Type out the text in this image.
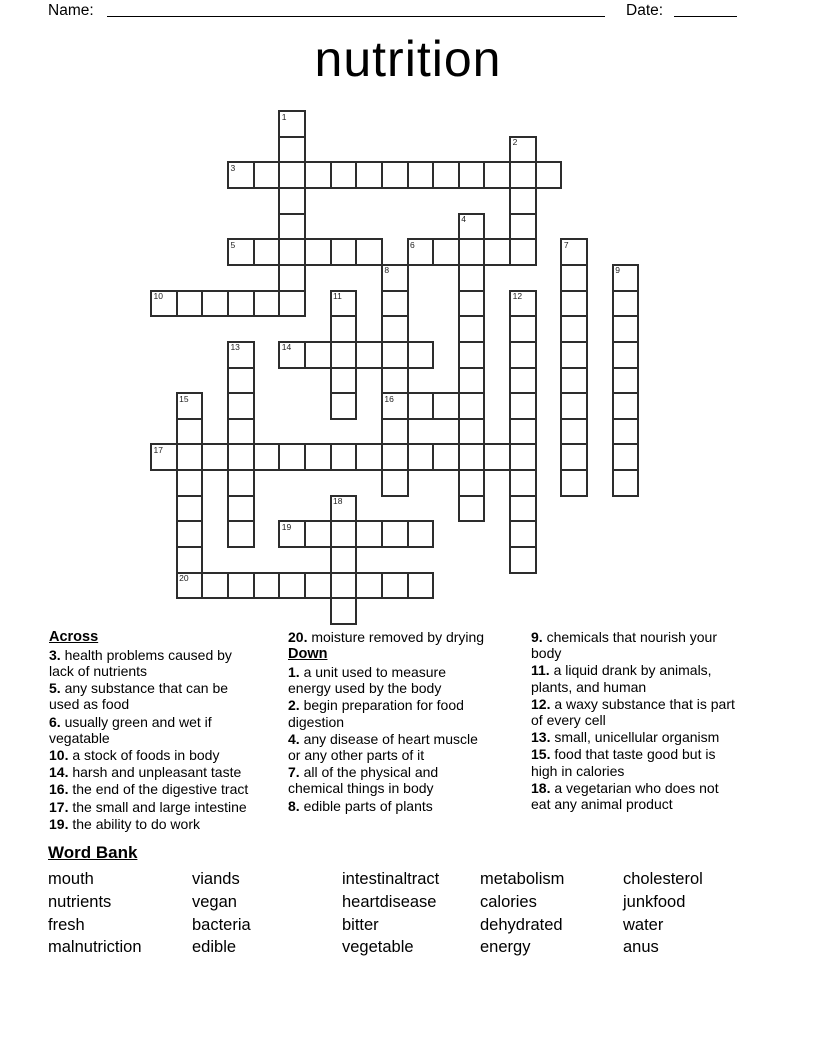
Name:	Date:
nutrition
1
2
3
4
5	6	7
8
16
9
10	11	12
13	14
15
20
17
18
19
Across
3. health problems caused by
lack of nutrients
5. any substance that can be
used as food
6. usually green and wet if
vegatable
10. a stock of foods in body
14. harsh and unpleasant taste
16. the end of the digestive tract
17. the small and large intestine
19. the ability to do work
20. moisture removed by drying
Down
1. a unit used to measure
energy used by the body
2. begin preparation for food
digestion
4. any disease of heart muscle
or any other parts of it
7. all of the physical and
chemical things in body
8. edible parts of plants
9. chemicals that nourish your
body
11. a liquid drank by animals,
plants, and human
12. a waxy substance that is part
of every cell
13. small, unicellular organism
15. food that taste good but is
high in calories
18. a vegetarian who does not
eat any animal product
Word Bank
mouth
nutrients
fresh
malnutriction
viands
vegan
bacteria
edible
intestinaltract
heartdisease
bitter
vegetable
metabolism
calories
dehydrated
energy
cholesterol
junkfood
water
anus
